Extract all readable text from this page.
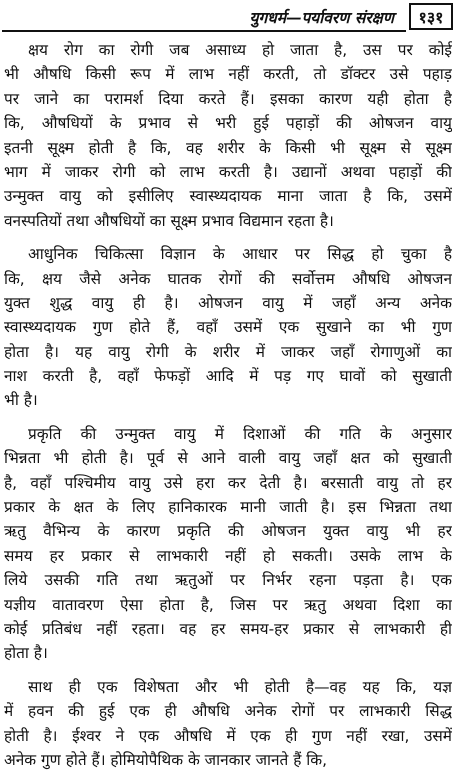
युगधर्म—पर्यावरण संरक्षण १३१
क्षय रोग का रोगी जब असाध्य हो जाता है, उस पर कोई
भी औषधि किसी रूप में लाभ नहीं करती, तो डॉक्टर उसे पहाड़
पर जाने का परामर्श दिया करते हैं। इसका कारण यही होता है
कि, औषधियों के प्रभाव से भरी हुई पहाड़ों की ओषजन वायु
इतनी सूक्ष्म होती है कि, वह शरीर के किसी भी सूक्ष्म से सूक्ष्म
भाग में जाकर रोगी को लाभ करती है। उद्यानों अथवा पहाड़ों की
उन्मुक्त वायु को इसीलिए स्वास्थ्यदायक माना जाता है कि, उसमें
वनस्पतियों तथा औषधियों का सूक्ष्म प्रभाव विद्यमान रहता है।
आधुनिक चिकित्सा विज्ञान के आधार पर सिद्ध हो चुका है
कि, क्षय जैसे अनेक घातक रोगों की सर्वोत्तम औषधि ओषजन
युक्त शुद्ध वायु ही है। ओषजन वायु में जहाँ अन्य अनेक
स्वास्थ्यदायक गुण होते हैं, वहाँ उसमें एक सुखाने का भी गुण
होता है। यह वायु रोगी के शरीर में जाकर जहाँ रोगाणुओं का
नाश करती है, वहाँ फेफड़ों आदि में पड़ गए घावों को सुखाती
भी है।
प्रकृति की उन्मुक्त वायु में दिशाओं की गति के अनुसार
भिन्नता भी होती है। पूर्व से आने वाली वायु जहाँ क्षत को सुखाती
है, वहाँ पश्चिमीय वायु उसे हरा कर देती है। बरसाती वायु तो हर
प्रकार के क्षत के लिए हानिकारक मानी जाती है। इस भिन्नता तथा
ऋतु वैभिन्य के कारण प्रकृति की ओषजन युक्त वायु भी हर
समय हर प्रकार से लाभकारी नहीं हो सकती। उसके लाभ के
लिये उसकी गति तथा ऋतुओं पर निर्भर रहना पड़ता है। एक
यज्ञीय वातावरण ऐसा होता है, जिस पर ऋतु अथवा दिशा का
कोई प्रतिबंध नहीं रहता। वह हर समय-हर प्रकार से लाभकारी ही
होता है।
साथ ही एक विशेषता और भी होती है—वह यह कि, यज्ञ
में हवन की हुई एक ही औषधि अनेक रोगों पर लाभकारी सिद्ध
होती है। ईश्वर ने एक औषधि में एक ही गुण नहीं रखा, उसमें
अनेक गुण होते हैं। होमियोपैथिक के जानकार जानते हैं कि,
